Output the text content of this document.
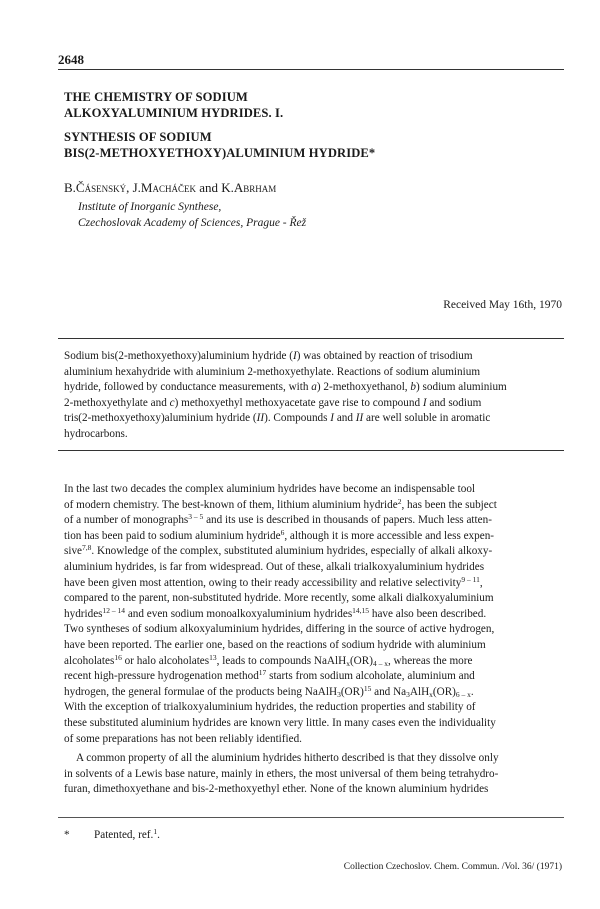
2648
THE CHEMISTRY OF SODIUM
ALKOXYALUMINIUM HYDRIDES. I.
SYNTHESIS OF SODIUM
BIS(2-METHOXYETHOXY)ALUMINIUM HYDRIDE*
B.Čásenský, J.Macháček and K.Abrham
Institute of Inorganic Synthese,
Czechoslovak Academy of Sciences, Prague - Řež
Received May 16th, 1970
Sodium bis(2-methoxyethoxy)aluminium hydride (I) was obtained by reaction of trisodium
aluminium hexahydride with aluminium 2-methoxyethylate. Reactions of sodium aluminium
hydride, followed by conductance measurements, with a) 2-methoxyethanol, b) sodium aluminium
2-methoxyethylate and c) methoxyethyl methoxyacetate gave rise to compound I and sodium
tris(2-methoxyethoxy)aluminium hydride (II). Compounds I and II are well soluble in aromatic
hydrocarbons.
In the last two decades the complex aluminium hydrides have become an indispensable tool
of modern chemistry. The best-known of them, lithium aluminium hydride$^2$, has been the subject
of a number of monographs$^{3 - 5}$ and its use is described in thousands of papers. Much less atten-
tion has been paid to sodium aluminium hydride$^6$, although it is more accessible and less expen-
sive$^{7,8}$. Knowledge of the complex, substituted aluminium hydrides, especially of alkali alkoxy-
aluminium hydrides, is far from widespread. Out of these, alkali trialkoxyaluminium hydrides
have been given most attention, owing to their ready accessibility and relative selectivity$^{9 - 11}$,
compared to the parent, non-substituted hydride. More recently, some alkali dialkoxyaluminium
hydrides$^{12 - 14}$ and even sodium monoalkoxyaluminium hydrides$^{14,15}$ have also been described.
Two syntheses of sodium alkoxyaluminium hydrides, differing in the source of active hydrogen,
have been reported. The earlier one, based on the reactions of sodium hydride with aluminium
alcoholates$^{16}$ or halo alcoholates$^{13}$, leads to compounds $NaAlH_x(OR)_{4 - x}$, whereas the more
recent high-pressure hydrogenation method$^{17}$ starts from sodium alcoholate, aluminium and
hydrogen, the general formulae of the products being NaAlH$_3$(OR)$^{15}$ and $Na_3AlH_x(OR)_{6 - x}$.
With the exception of trialkoxyaluminium hydrides, the reduction properties and stability of
these substituted aluminium hydrides are known very little. In many cases even the individuality
of some preparations has not been reliably identified.
A common property of all the aluminium hydrides hitherto described is that they dissolve only
in solvents of a Lewis base nature, mainly in ethers, the most universal of them being tetrahydro-
furan, dimethoxyethane and bis-2-methoxyethyl ether. None of the known aluminium hydrides
* Patented, ref.$^1$.
Collection Czechoslov. Chem. Commun. /Vol. 36/ (1971)
